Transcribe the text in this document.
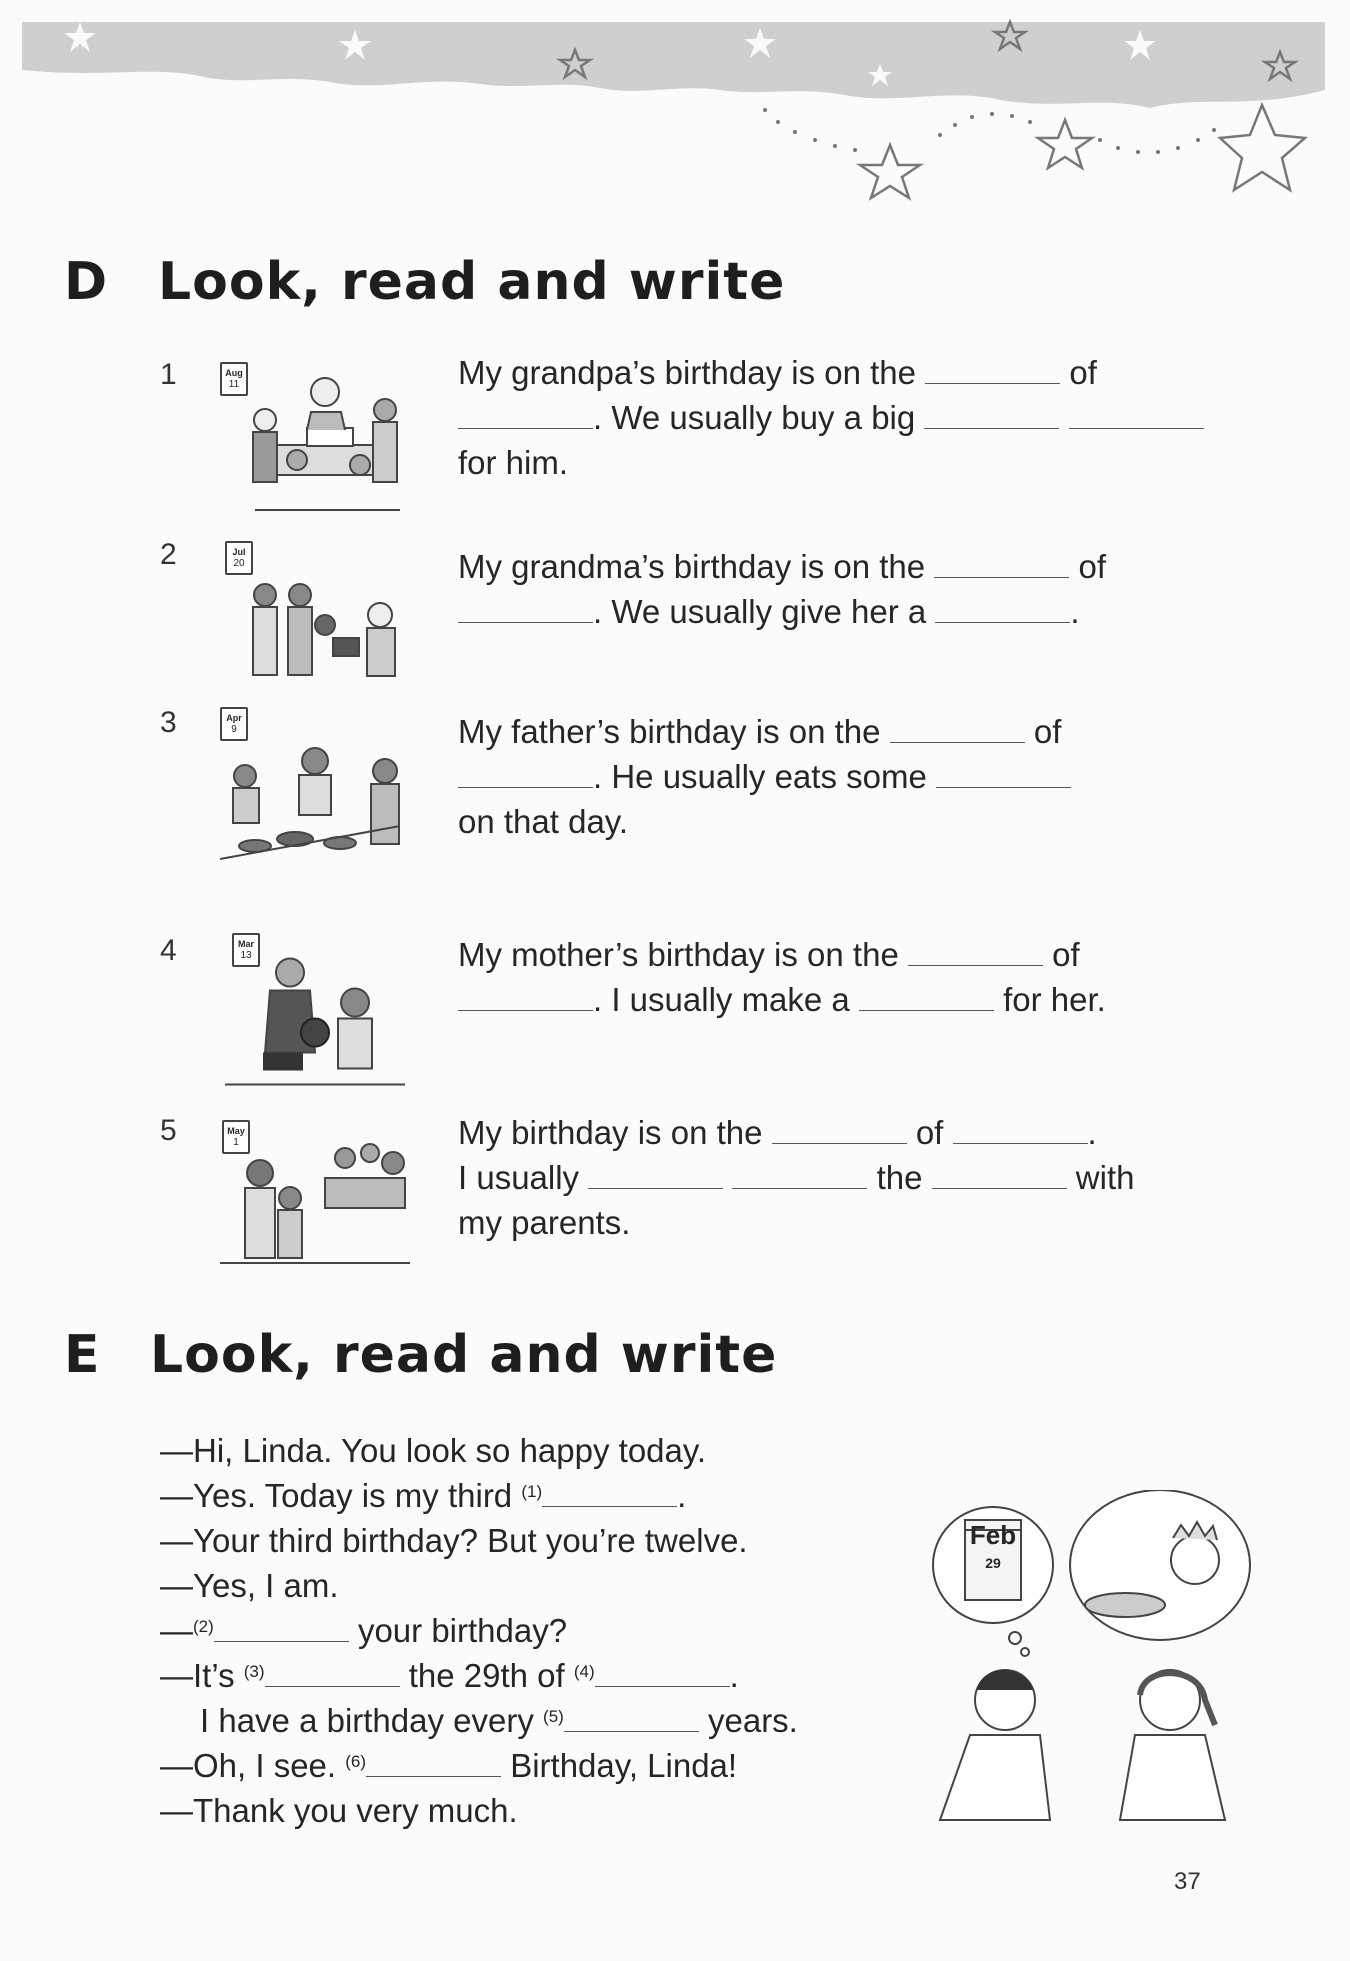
D Look, read and write
1	Aug
11	My grandpa’s birthday is on the	of
. We usually buy a big
for him.
2	Jul
20	My grandma’s birthday is on the	of
. We usually give her a	.
3	Apr
9	My father’s birthday is on the	of
. He usually eats some
on that day.
4	Mar
13	My mother’s birthday is on the	of
. I usually make a	for her.
5	May
1	My birthday is on the	of	.
I usually	the	with
my parents.
E Look, read and write
—Hi, Linda. You look so happy today.
—Yes. Today is my third $^{(1)}$	.
—Your third birthday? But you’re twelve.
—Yes, I am.
—$^{(2)}$	your birthday?
—It’s $^{(3)}$	the 29th of $^{(4)}$	.
I have a birthday every $^{(5)}$	years.
—Oh, I see. $^{(6)}$	Birthday, Linda!
—Thank you very much.
Feb
29
37
